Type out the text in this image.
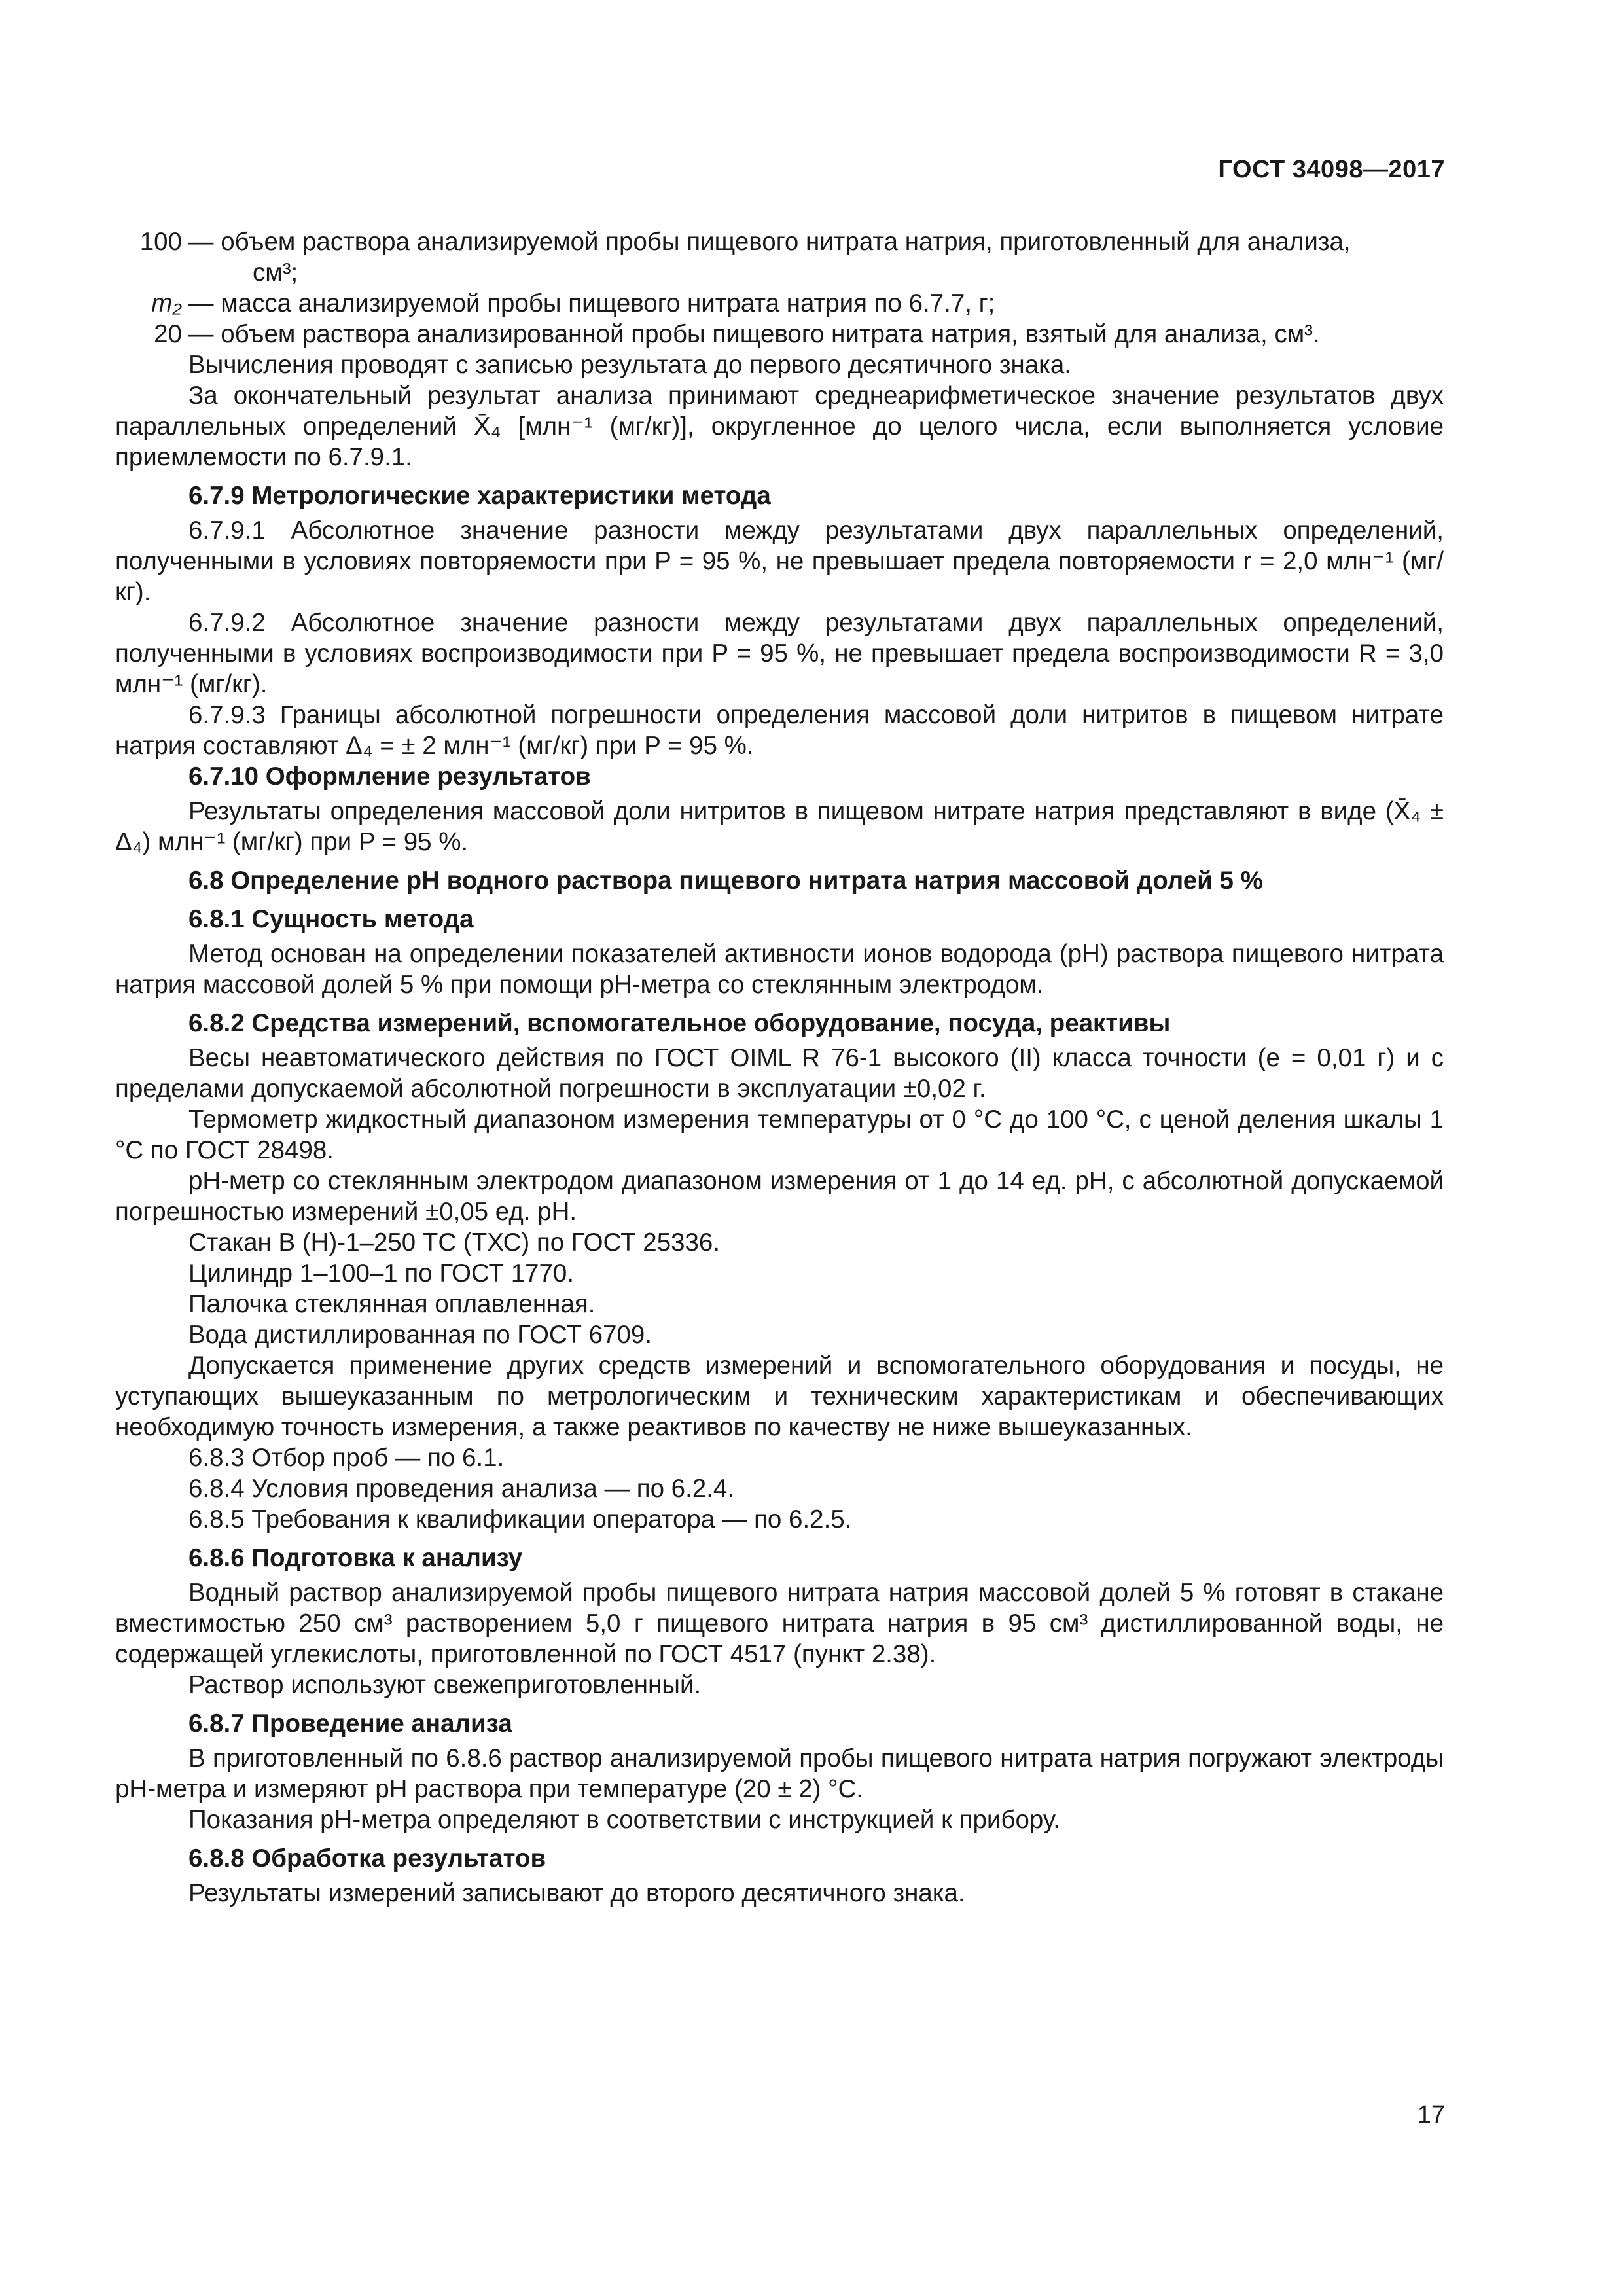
ГОСТ 34098—2017
100 — объем раствора анализируемой пробы пищевого нитрата натрия, приготовленный для анализа,
см³;
m₂ — масса анализируемой пробы пищевого нитрата натрия по 6.7.7, г;
20 — объем раствора анализированной пробы пищевого нитрата натрия, взятый для анализа, см³.

Вычисления проводят с записью результата до первого десятичного знака.

За окончательный результат анализа принимают среднеарифметическое значение результатов двух параллельных определений X̄₄ [млн⁻¹ (мг/кг)], округленное до целого числа, если выполняется условие приемлемости по 6.7.9.1.

6.7.9 Метрологические характеристики метода

6.7.9.1 Абсолютное значение разности между результатами двух параллельных определений, полученными в условиях повторяемости при P = 95 %, не превышает предела повторяемости r = 2,0 млн⁻¹ (мг/кг).

6.7.9.2 Абсолютное значение разности между результатами двух параллельных определений, полученными в условиях воспроизводимости при P = 95 %, не превышает предела воспроизводимости R = 3,0 млн⁻¹ (мг/кг).

6.7.9.3 Границы абсолютной погрешности определения массовой доли нитритов в пищевом нитрате натрия составляют Δ₄ = ± 2 млн⁻¹ (мг/кг) при P = 95 %.

6.7.10 Оформление результатов

Результаты определения массовой доли нитритов в пищевом нитрате натрия представляют в виде (X̄₄ ± Δ₄) млн⁻¹ (мг/кг) при P = 95 %.

6.8 Определение pH водного раствора пищевого нитрата натрия массовой долей 5 %
6.8.1 Сущность метода

Метод основан на определении показателей активности ионов водорода (pH) раствора пищевого нитрата натрия массовой долей 5 % при помощи pH-метра со стеклянным электродом.

6.8.2 Средства измерений, вспомогательное оборудование, посуда, реактивы

Весы неавтоматического действия по ГОСТ OIML R 76-1 высокого (II) класса точности (e = 0,01 г) и с пределами допускаемой абсолютной погрешности в эксплуатации ±0,02 г.

Термометр жидкостный диапазоном измерения температуры от 0 °С до 100 °С, с ценой деления шкалы 1 °С по ГОСТ 28498.

pH-метр со стеклянным электродом диапазоном измерения от 1 до 14 ед. pH, с абсолютной допускаемой погрешностью измерений ±0,05 ед. pH.

Стакан В (Н)-1–250 ТС (ТХС) по ГОСТ 25336.

Цилиндр 1–100–1 по ГОСТ 1770.

Палочка стеклянная оплавленная.

Вода дистиллированная по ГОСТ 6709.

Допускается применение других средств измерений и вспомогательного оборудования и посуды, не уступающих вышеуказанным по метрологическим и техническим характеристикам и обеспечивающих необходимую точность измерения, а также реактивов по качеству не ниже вышеуказанных.

6.8.3 Отбор проб — по 6.1.

6.8.4 Условия проведения анализа — по 6.2.4.

6.8.5 Требования к квалификации оператора — по 6.2.5.

6.8.6 Подготовка к анализу

Водный раствор анализируемой пробы пищевого нитрата натрия массовой долей 5 % готовят в стакане вместимостью 250 см³ растворением 5,0 г пищевого нитрата натрия в 95 см³ дистиллированной воды, не содержащей углекислоты, приготовленной по ГОСТ 4517 (пункт 2.38).

Раствор используют свежеприготовленный.

6.8.7 Проведение анализа

В приготовленный по 6.8.6 раствор анализируемой пробы пищевого нитрата натрия погружают электроды pH-метра и измеряют pH раствора при температуре (20 ± 2) °С.

Показания pH-метра определяют в соответствии с инструкцией к прибору.

6.8.8 Обработка результатов

Результаты измерений записывают до второго десятичного знака.

17
